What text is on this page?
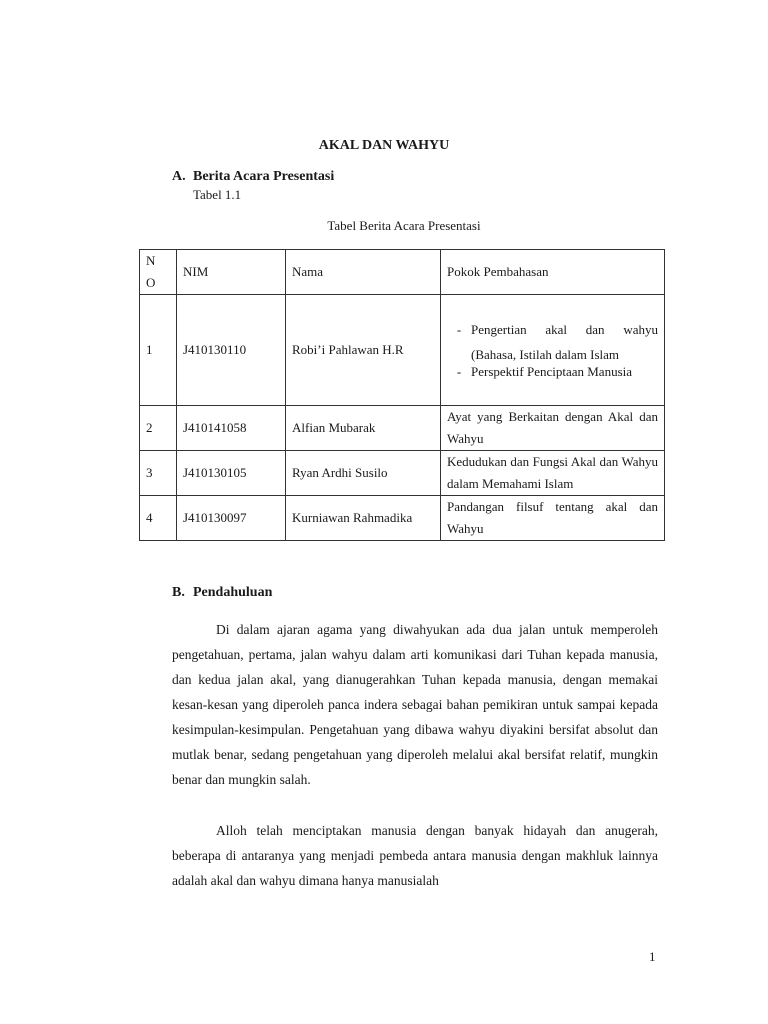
AKAL DAN WAHYU
A. Berita Acara Presentasi
Tabel 1.1
Tabel Berita Acara Presentasi
N
O	NIM	Nama	Pokok Pembahasan
1	J410130110	Robi’i Pahlawan H.R	- Pengertian akal dan wahyu (Bahasa, Istilah dalam Islam
- Perspektif Penciptaan Manusia

2	J410141058	Alfian Mubarak	Ayat yang Berkaitan dengan Akal dan Wahyu
3	J410130105	Ryan Ardhi Susilo	Kedudukan dan Fungsi Akal dan Wahyu dalam Memahami Islam
4	J410130097	Kurniawan Rahmadika	Pandangan filsuf tentang akal dan Wahyu
B. Pendahuluan

Di dalam ajaran agama yang diwahyukan ada dua jalan untuk memperoleh pengetahuan, pertama, jalan wahyu dalam arti komunikasi dari Tuhan kepada manusia, dan kedua jalan akal, yang dianugerahkan Tuhan kepada manusia, dengan memakai kesan-kesan yang diperoleh panca indera sebagai bahan pemikiran untuk sampai kepada kesimpulan-kesimpulan. Pengetahuan yang dibawa wahyu diyakini bersifat absolut dan mutlak benar, sedang pengetahuan yang diperoleh melalui akal bersifat relatif, mungkin benar dan mungkin salah.

Alloh telah menciptakan manusia dengan banyak hidayah dan anugerah, beberapa di antaranya yang menjadi pembeda antara manusia dengan makhluk lainnya adalah akal dan wahyu dimana hanya manusialah

1
